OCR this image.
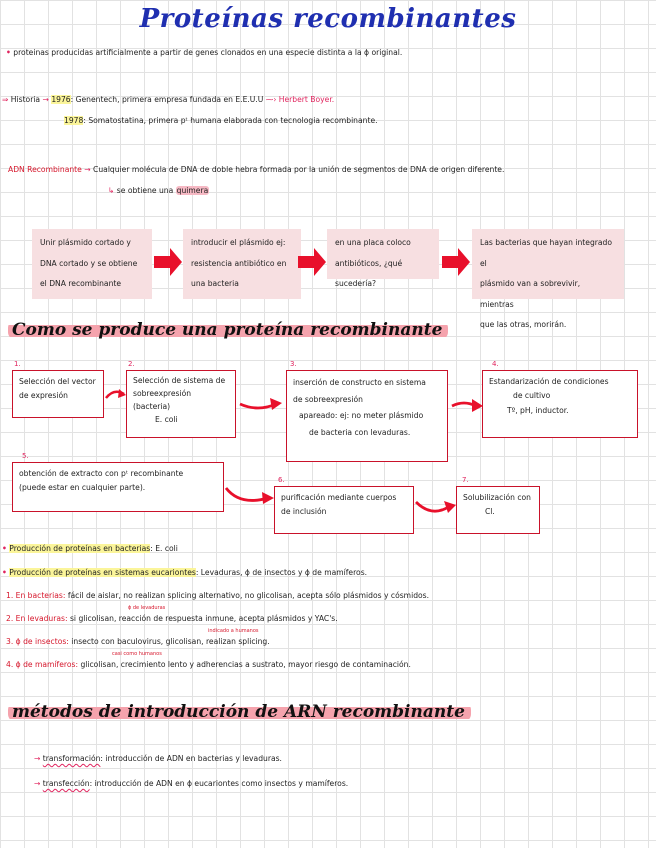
Proteínas recombinantes
• proteinas producidas artificialmente a partir de genes clonados en una especie distinta a la ϕ original.
⇒ Historia → 1976: Genentech, primera empresa fundada en E.E.U.U ⁓› Herbert Boyer.
1978: Somatostatina, primera pᵗ humana elaborada con tecnologia recombinante.
ADN Recombinante → Cualquier molécula de DNA de doble hebra formada por la unión de segmentos de DNA de origen diferente.
↳ se obtiene una quimera
Unir plásmido cortado y
DNA cortado y se obtiene
el DNA recombinante
introducir el plásmido ej:
resistencia antibiótico en
una bacteria
en una placa coloco
antibióticos, ¿qué sucedería?
Las bacterias que hayan integrado el
plásmido van a sobrevivir, mientras
que las otras, morirán.
Como se produce una proteína recombinante
1.
Selección del vector
de expresión
2.
Selección de sistema de
sobreexpresión (bacteria)
E. coli
3.
inserción de constructo en sistema
de sobreexpresión
apareado: ej: no meter plásmido
de bacteria con levaduras.
4.
Estandarización de condiciones
de cultivo
Tº, pH, inductor.
5.
obtención de extracto con pᵗ recombinante
(puede estar en cualquier parte).
6.
purificación mediante cuerpos
de inclusión
7.
Solubilización con
Cl.
• Producción de proteínas en bacterias: E. coli
• Producción de proteínas en sistemas eucariontes: Levaduras, ϕ de insectos y ϕ de mamíferos.
1. En bacterias: fácil de aislar, no realizan splicing alternativo, no glicolisan, acepta sólo plásmidos y cósmidos.
ϕ de levaduras
2. En levaduras: si glicolisan, reacción de respuesta inmune, acepta plásmidos y YAC's.
indicado a humanos
3. ϕ de insectos: insecto con baculovirus, glicolisan, realizan splicing.
casi como humanos
4. ϕ de mamíferos: glicolisan, crecimiento lento y adherencias a sustrato, mayor riesgo de contaminación.
métodos de introducción de ARN recombinante
→ transformación: introducción de ADN en bacterias y levaduras.
→ transfección: introducción de ADN en ϕ eucariontes como insectos y mamíferos.
